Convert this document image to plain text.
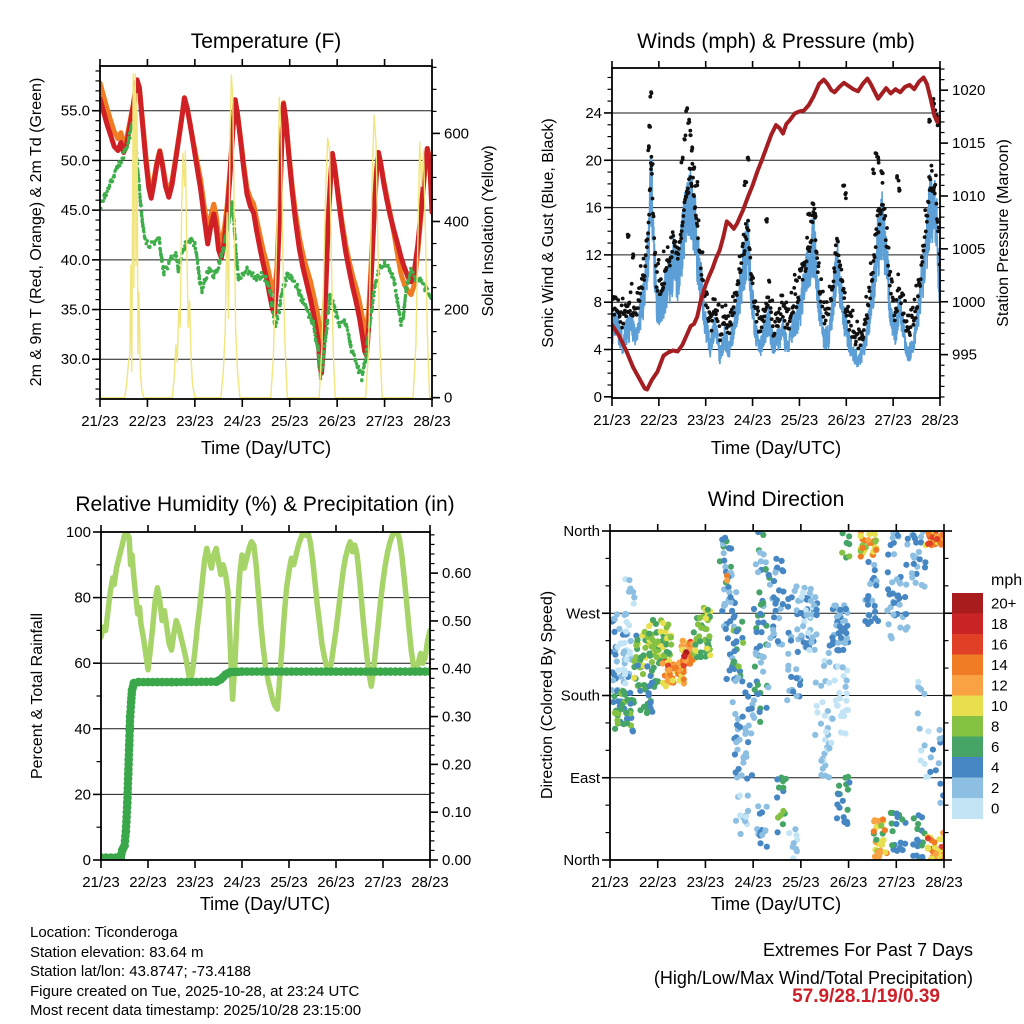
21/23 22/23 23/23 24/23 25/23 26/23 27/23 28/23
30.0
35.0
40.0
45.0
50.0
55.0
0
200
400
600
21/23 22/23 23/23 24/23 25/23 26/23 27/23 28/23
0
4
8
12
16
20
24
995
1000
1005
1010
1015
1020
21/23 22/23 23/23 24/23 25/23 26/23 27/23 28/23
0
20
40
60
80
100
0.00
0.10
0.20
0.30
0.40
0.50
0.60
21/23 22/23 23/23 24/23 25/23 26/23 27/23 28/23
North
West
South
East
North
mph
20+
18
16
14
12
10
8
6
4
2
0
Temperature (F)	Winds (mph) & Pressure (mb)
Relative Humidity (%) & Precipitation (in)	Wind Direction
Time (Day/UTC)	Time (Day/UTC)
Time (Day/UTC)	Time (Day/UTC)
2m & 9m T (Red, Orange) & 2m Td (Green)	Solar Insolation (Yellow)	Sonic Wind & Gust (Blue, Black)	Station Pressure (Maroon)
Percent & Total Rainfall	Direction (Colored By Speed)
Location: Ticonderoga
Station elevation: 83.64 m
Station lat/lon: 43.8747; -73.4188
Figure created on Tue, 2025-10-28, at 23:24 UTC
Most recent data timestamp: 2025/10/28 23:15:00
Extremes For Past 7 Days
(High/Low/Max Wind/Total Precipitation)
57.9/28.1/19/0.39
